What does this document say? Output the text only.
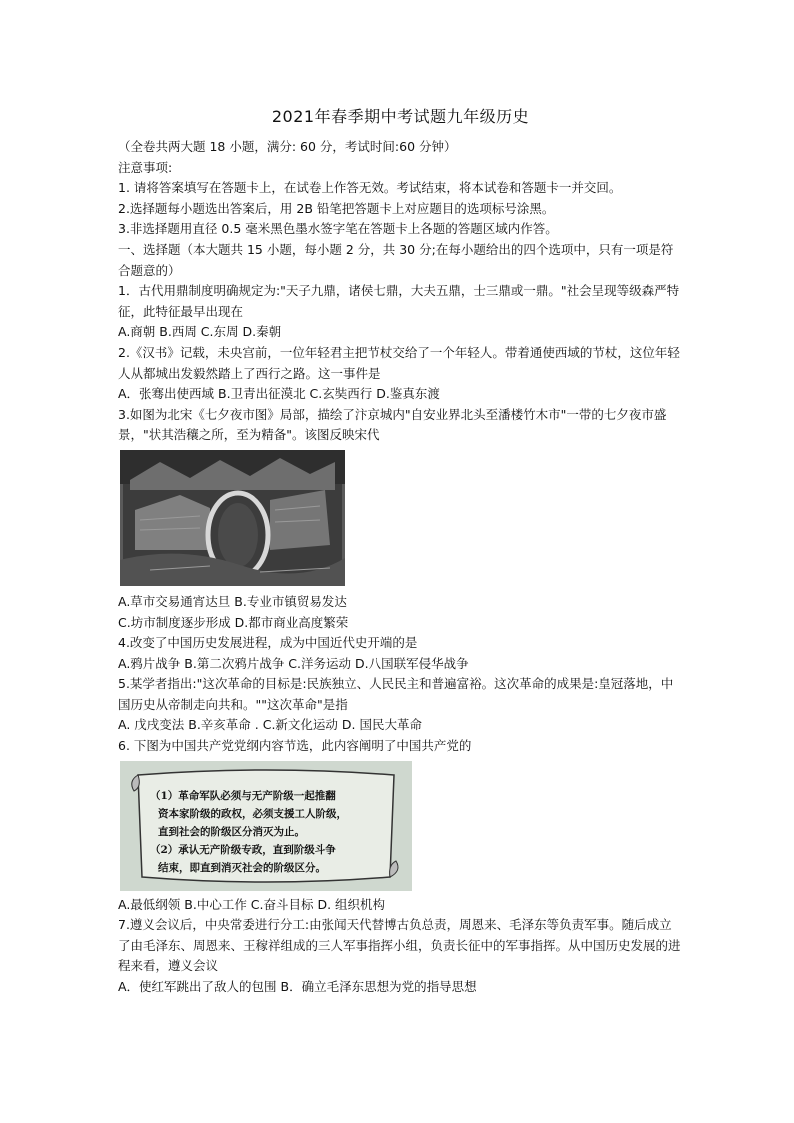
2021年春季期中考试题九年级历史
（全卷共两大题 18 小题，满分: 60 分，考试时间:60 分钟）
注意事项:
1. 请将答案填写在答题卡上，在试卷上作答无效。考试结束，将本试卷和答题卡一并交回。
2.选择题每小题选出答案后，用 2B 铅笔把答题卡上对应题目的选项标号涂黑。
3.非选择题用直径 0.5 毫米黑色墨水签字笔在答题卡上各题的答题区域内作答。
一、选择题（本大题共 15 小题，每小题 2 分，共 30 分;在每小题给出的四个选项中，只有一项是符合题意的）
1．古代用鼎制度明确规定为:"天子九鼎，诸侯七鼎，大夫五鼎，士三鼎或一鼎。"社会呈现等级森严特征，此特征最早出现在
A.商朝 B.西周 C.东周 D.秦朝
2.《汉书》记载，未央宫前，一位年轻君主把节杖交给了一个年轻人。带着通使西域的节杖，这位年轻人从都城出发毅然踏上了西行之路。这一事件是
A．张骞出使西域 B.卫青出征漠北 C.玄奘西行 D.鉴真东渡
3.如图为北宋《七夕夜市图》局部，描绘了汴京城内"自安业界北头至潘楼竹木市"一带的七夕夜市盛景，"状其浩穰之所，至为精备"。该图反映宋代
A.草市交易通宵达旦 B.专业市镇贸易发达
C.坊市制度逐步形成 D.都市商业高度繁荣
4.改变了中国历史发展进程，成为中国近代史开端的是
A.鸦片战争 B.第二次鸦片战争 C.洋务运动 D.八国联军侵华战争
5.某学者指出:"这次革命的目标是:民族独立、人民民主和普遍富裕。这次革命的成果是:皇冠落地，中国历史从帝制走向共和。""这次革命"是指
A. 戊戌变法 B.辛亥革命 . C.新文化运动 D. 国民大革命
6. 下图为中国共产党党纲内容节选，此内容阐明了中国共产党的
（1）革命军队必须与无产阶级一起推翻
资本家阶级的政权，必须支援工人阶级，
直到社会的阶级区分消灭为止。
（2）承认无产阶级专政，直到阶级斗争
结束，即直到消灭社会的阶级区分。
A.最低纲领 B.中心工作 C.奋斗目标 D. 组织机构
7.遵义会议后，中央常委进行分工:由张闻天代替博古负总责，周恩来、毛泽东等负责军事。随后成立了由毛泽东、周恩来、王稼祥组成的三人军事指挥小组，负责长征中的军事指挥。从中国历史发展的进程来看，遵义会议
A．使红军跳出了敌人的包围 B．确立毛泽东思想为党的指导思想
